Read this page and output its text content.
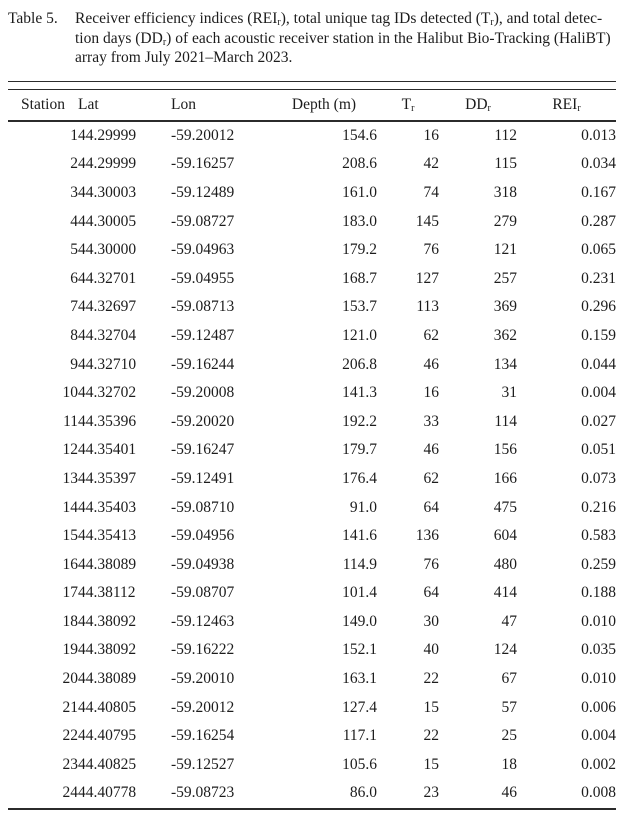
Table 5.	Receiver efficiency indices $(REI_r)$, total unique tag IDs detected $(T_r)$, and total detec-
tion days $(DD_r)$ of each acoustic receiver station in the Halibut Bio-Tracking (HaliBT)
array from July 2021–March 2023.
Station	Lat	Lon	Depth (m)	$T_r$	$DD_r$	$REI_r$
1	44.29999	-59.20012	154.6	16	112	0.013
2	44.29999	-59.16257	208.6	42	115	0.034
3	44.30003	-59.12489	161.0	74	318	0.167
4	44.30005	-59.08727	183.0	145	279	0.287
5	44.30000	-59.04963	179.2	76	121	0.065
6	44.32701	-59.04955	168.7	127	257	0.231
7	44.32697	-59.08713	153.7	113	369	0.296
8	44.32704	-59.12487	121.0	62	362	0.159
9	44.32710	-59.16244	206.8	46	134	0.044
10	44.32702	-59.20008	141.3	16	31	0.004
11	44.35396	-59.20020	192.2	33	114	0.027
12	44.35401	-59.16247	179.7	46	156	0.051
13	44.35397	-59.12491	176.4	62	166	0.073
14	44.35403	-59.08710	91.0	64	475	0.216
15	44.35413	-59.04956	141.6	136	604	0.583
16	44.38089	-59.04938	114.9	76	480	0.259
17	44.38112	-59.08707	101.4	64	414	0.188
18	44.38092	-59.12463	149.0	30	47	0.010
19	44.38092	-59.16222	152.1	40	124	0.035
20	44.38089	-59.20010	163.1	22	67	0.010
21	44.40805	-59.20012	127.4	15	57	0.006
22	44.40795	-59.16254	117.1	22	25	0.004
23	44.40825	-59.12527	105.6	15	18	0.002
24	44.40778	-59.08723	86.0	23	46	0.008
